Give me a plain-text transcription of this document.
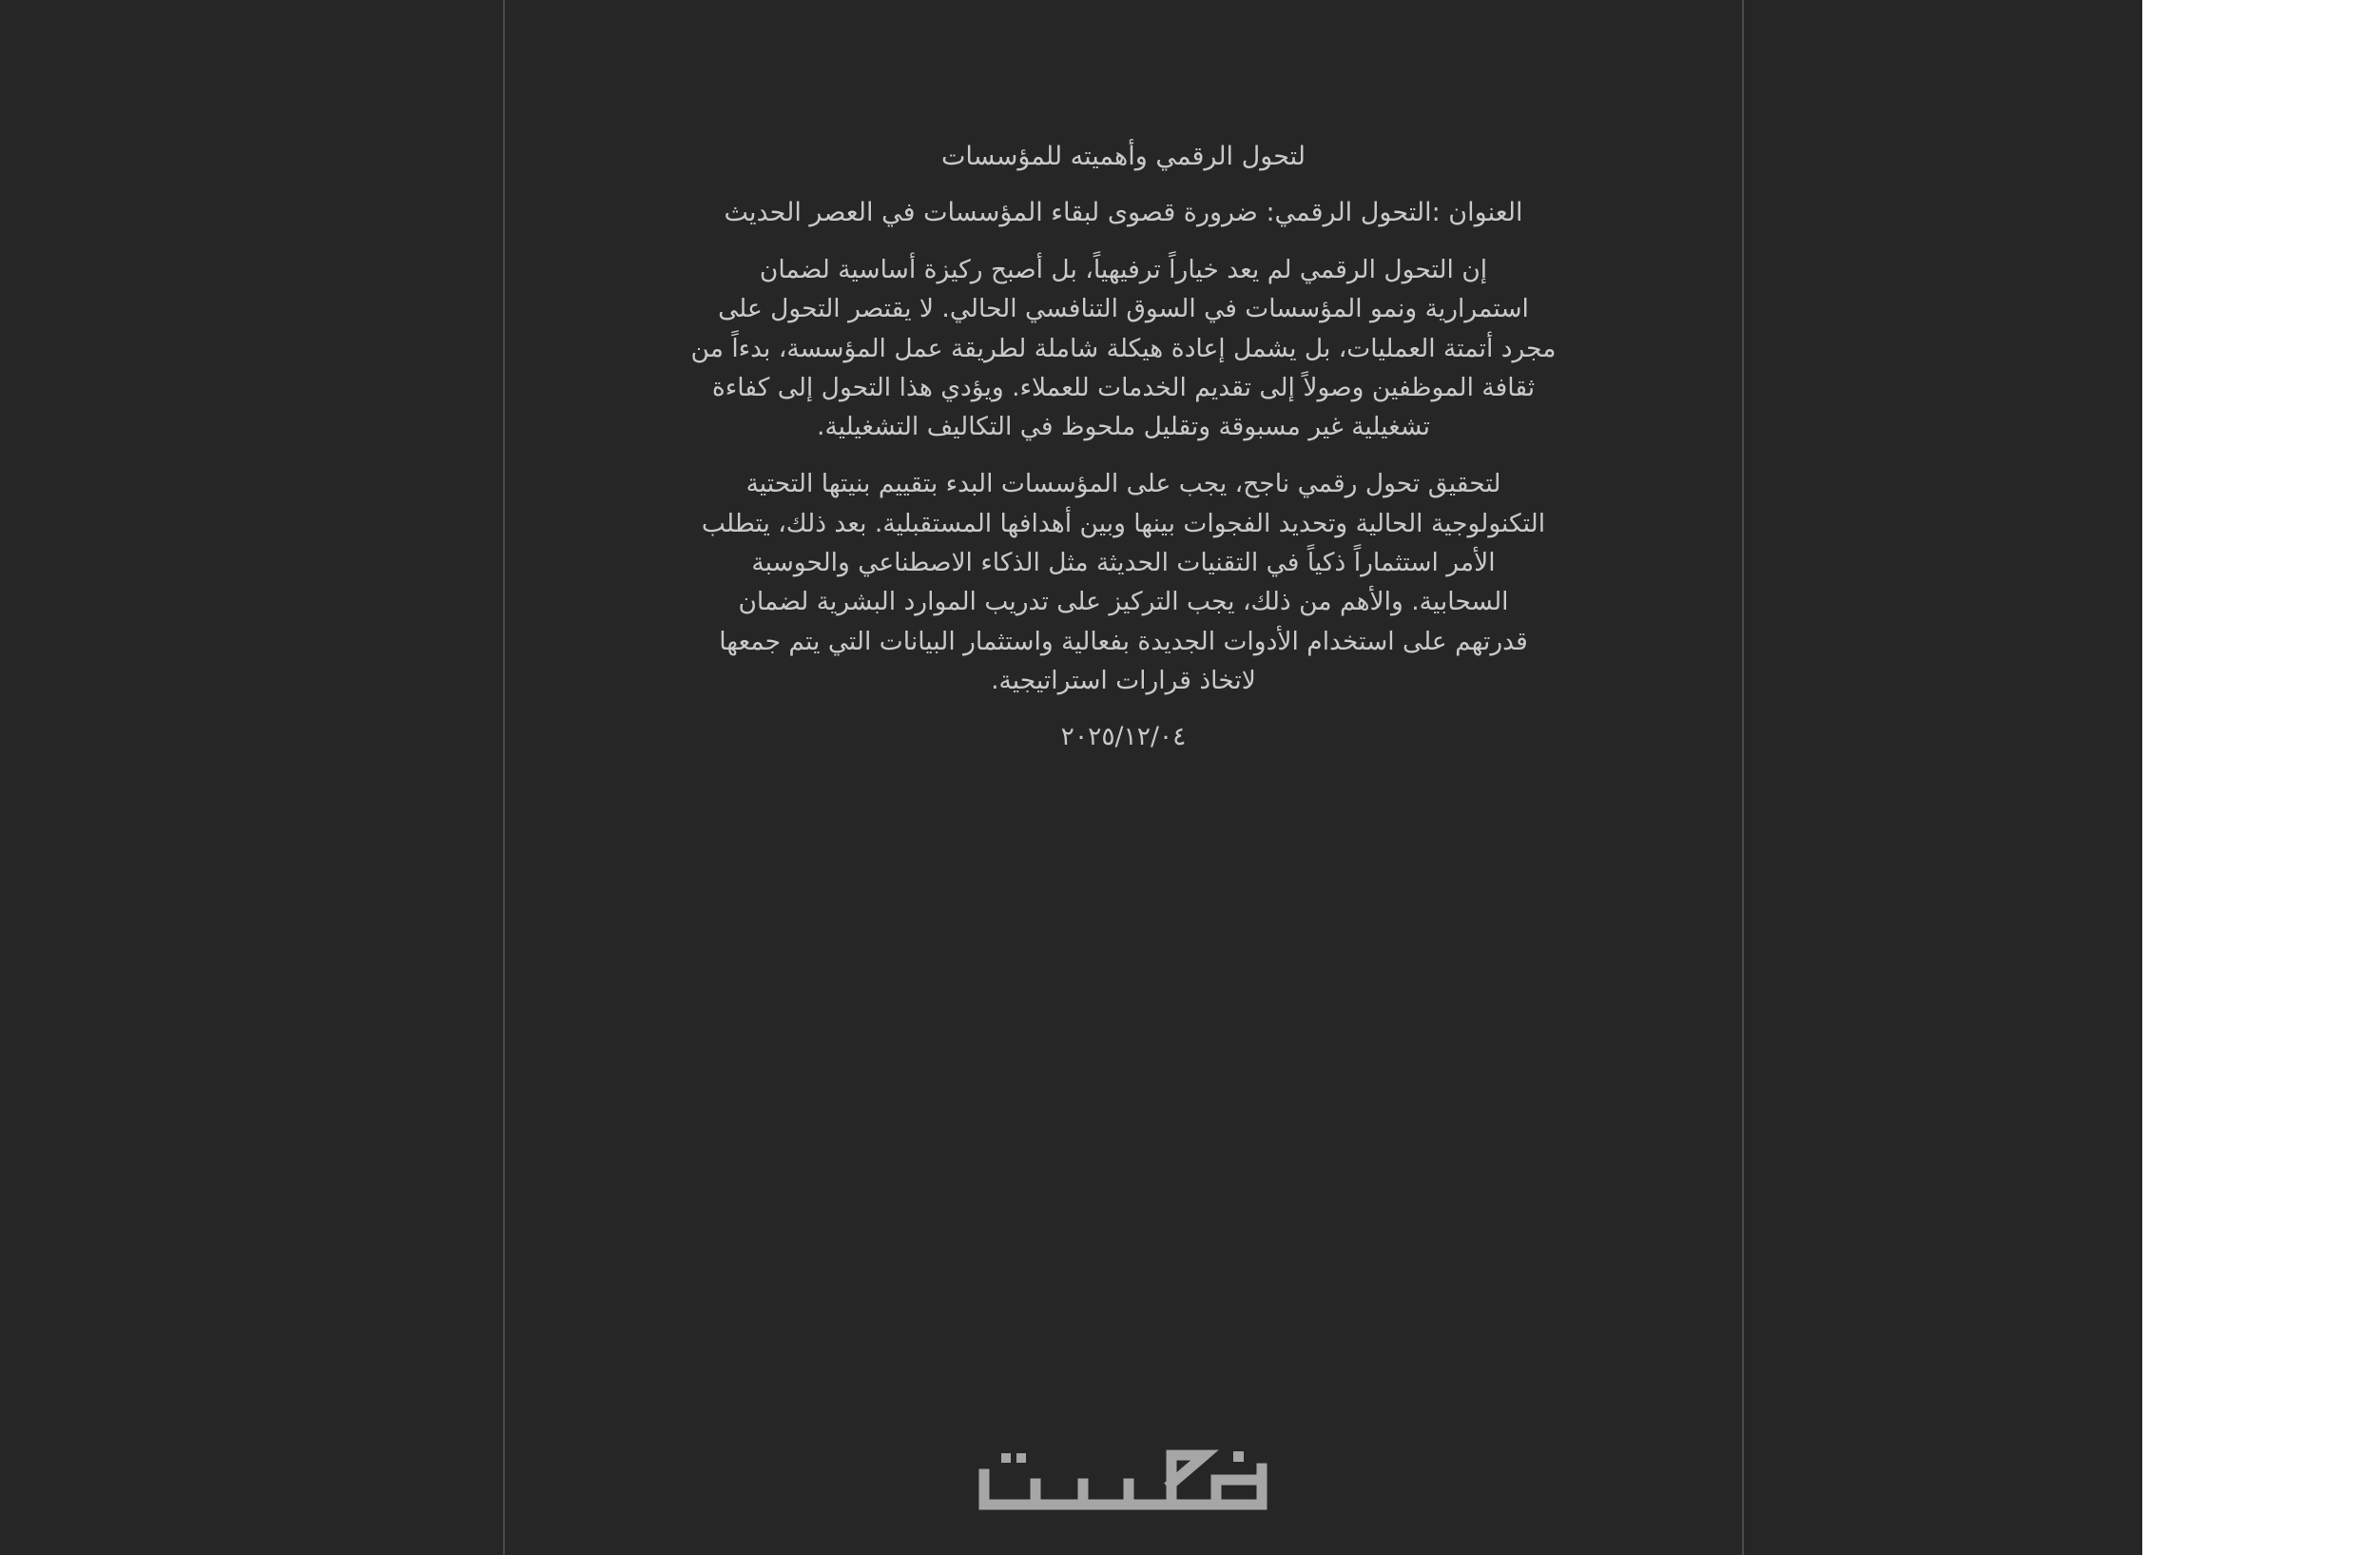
لتحول الرقمي وأهميته للمؤسسات
العنوان :التحول الرقمي: ضرورة قصوى لبقاء المؤسسات في العصر الحديث
إن التحول الرقمي لم يعد خياراً ترفيهياً، بل أصبح ركيزة أساسية لضمان
استمرارية ونمو المؤسسات في السوق التنافسي الحالي. لا يقتصر التحول على
مجرد أتمتة العمليات، بل يشمل إعادة هيكلة شاملة لطريقة عمل المؤسسة، بدءاً من
ثقافة الموظفين وصولاً إلى تقديم الخدمات للعملاء. ويؤدي هذا التحول إلى كفاءة
تشغيلية غير مسبوقة وتقليل ملحوظ في التكاليف التشغيلية.
لتحقيق تحول رقمي ناجح، يجب على المؤسسات البدء بتقييم بنيتها التحتية
التكنولوجية الحالية وتحديد الفجوات بينها وبين أهدافها المستقبلية. بعد ذلك، يتطلب
الأمر استثماراً ذكياً في التقنيات الحديثة مثل الذكاء الاصطناعي والحوسبة
السحابية. والأهم من ذلك، يجب التركيز على تدريب الموارد البشرية لضمان
قدرتهم على استخدام الأدوات الجديدة بفعالية واستثمار البيانات التي يتم جمعها
لاتخاذ قرارات استراتيجية.
٢٠٢٥/١٢/٠٤
